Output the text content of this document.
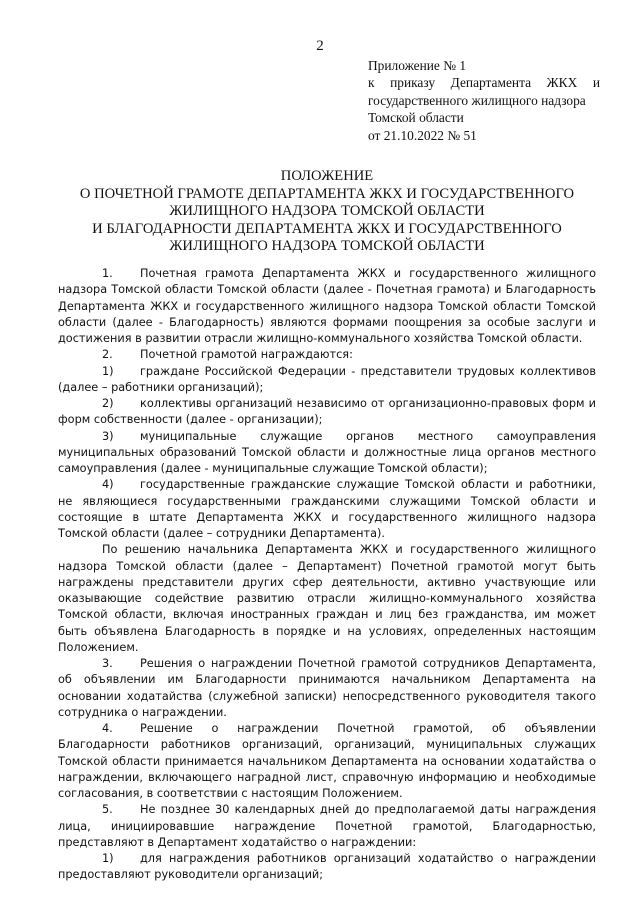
2
Приложение № 1
к приказу Департамента ЖКХ и
государственного жилищного надзора
Томской области
от 21.10.2022 № 51
ПОЛОЖЕНИЕ
О ПОЧЕТНОЙ ГРАМОТЕ ДЕПАРТАМЕНТА ЖКХ И ГОСУДАРСТВЕННОГО
ЖИЛИЩНОГО НАДЗОРА ТОМСКОЙ ОБЛАСТИ
И БЛАГОДАРНОСТИ ДЕПАРТАМЕНТА ЖКХ И ГОСУДАРСТВЕННОГО
ЖИЛИЩНОГО НАДЗОРА ТОМСКОЙ ОБЛАСТИ

1. Почетная грамота Департамента ЖКХ и государственного жилищного надзора Томской области Томской области (далее - Почетная грамота) и Благодарность Департамента ЖКХ и государственного жилищного надзора Томской области Томской области (далее - Благодарность) являются формами поощрения за особые заслуги и достижения в развитии отрасли жилищно-коммунального хозяйства Томской области.

2. Почетной грамотой награждаются:

1) граждане Российской Федерации - представители трудовых коллективов (далее – работники организаций);

2) коллективы организаций независимо от организационно-правовых форм и форм собственности (далее - организации);

3) муниципальные служащие органов местного самоуправления муниципальных образований Томской области и должностные лица органов местного самоуправления (далее - муниципальные служащие Томской области);

4) государственные гражданские служащие Томской области и работники, не являющиеся государственными гражданскими служащими Томской области и состоящие в штате Департамента ЖКХ и государственного жилищного надзора Томской области (далее – сотрудники Департамента).

По решению начальника Департамента ЖКХ и государственного жилищного надзора Томской области (далее – Департамент) Почетной грамотой могут быть награждены представители других сфер деятельности, активно участвующие или оказывающие содействие развитию отрасли жилищно-коммунального хозяйства Томской области, включая иностранных граждан и лиц без гражданства, им может быть объявлена Благодарность в порядке и на условиях, определенных настоящим Положением.

3. Решения о награждении Почетной грамотой сотрудников Департамента, об объявлении им Благодарности принимаются начальником Департамента на основании ходатайства (служебной записки) непосредственного руководителя такого сотрудника о награждении.

4. Решение о награждении Почетной грамотой, об объявлении Благодарности работников организаций, организаций, муниципальных служащих Томской области принимается начальником Департамента на основании ходатайства о награждении, включающего наградной лист, справочную информацию и необходимые согласования, в соответствии с настоящим Положением.

5. Не позднее 30 календарных дней до предполагаемой даты награждения лица, инициировавшие награждение Почетной грамотой, Благодарностью, представляют в Департамент ходатайство о награждении:

1) для награждения работников организаций ходатайство о награждении предоставляют руководители организаций;
